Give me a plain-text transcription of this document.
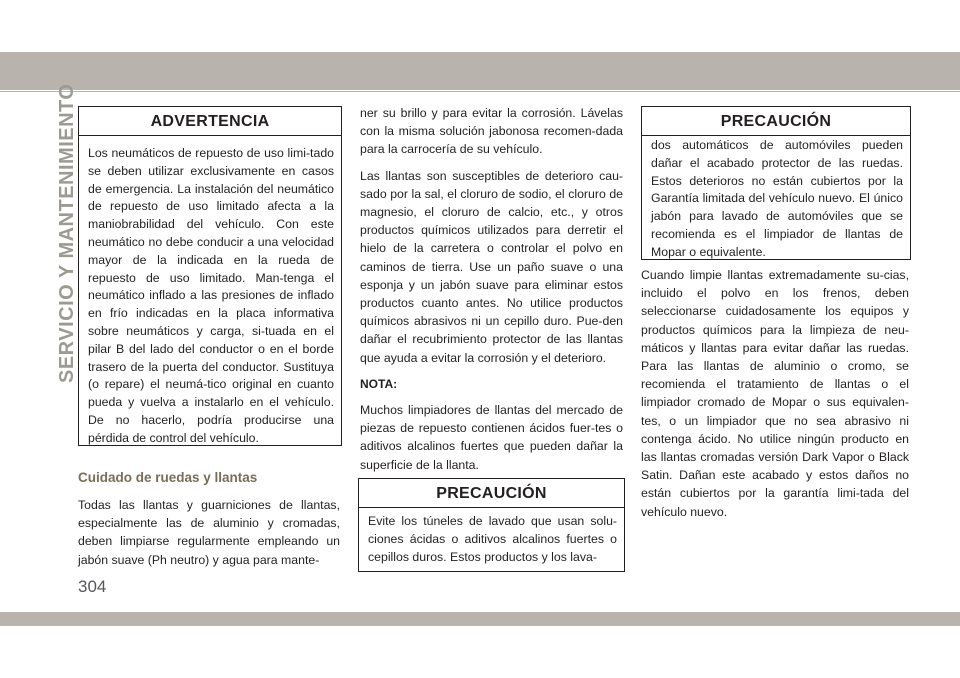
SERVICIO Y MANTENIMIENTO	ADVERTENCIA
Los neumáticos de repuesto de uso limi-tado se deben utilizar exclusivamente en casos de emergencia. La instalación del neumático de repuesto de uso limitado afecta a la maniobrabilidad del vehículo. Con este neumático no debe conducir a una velocidad mayor de la indicada en la rueda de repuesto de uso limitado. Man-tenga el neumático inflado a las presiones de inflado en frío indicadas en la placa informativa sobre neumáticos y carga, si-tuada en el pilar B del lado del conductor o en el borde trasero de la puerta del conductor. Sustituya (o repare) el neumá-tico original en cuanto pueda y vuelva a instalarlo en el vehículo. De no hacerlo, podría producirse una pérdida de control del vehículo.
Cuidado de ruedas y llantas

Todas las llantas y guarniciones de llantas, especialmente las de aluminio y cromadas, deben limpiarse regularmente empleando un jabón suave (Ph neutro) y agua para mante-

ner su brillo y para evitar la corrosión. Lávelas con la misma solución jabonosa recomen-dada para la carrocería de su vehículo.

Las llantas son susceptibles de deterioro cau-sado por la sal, el cloruro de sodio, el cloruro de magnesio, el cloruro de calcio, etc., y otros productos químicos utilizados para derretir el hielo de la carretera o controlar el polvo en caminos de tierra. Use un paño suave o una esponja y un jabón suave para eliminar estos productos cuanto antes. No utilice productos químicos abrasivos ni un cepillo duro. Pue-den dañar el recubrimiento protector de las llantas que ayuda a evitar la corrosión y el deterioro.

NOTA:

Muchos limpiadores de llantas del mercado de piezas de repuesto contienen ácidos fuer-tes o aditivos alcalinos fuertes que pueden dañar la superficie de la llanta.

PRECAUCIÓN
Evite los túneles de lavado que usan solu-ciones ácidas o aditivos alcalinos fuertes o cepillos duros. Estos productos y los lava-
PRECAUCIÓN
dos automáticos de automóviles pueden dañar el acabado protector de las ruedas. Estos deterioros no están cubiertos por la Garantía limitada del vehículo nuevo. El único jabón para lavado de automóviles que se recomienda es el limpiador de llantas de Mopar o equivalente.

Cuando limpie llantas extremadamente su-cias, incluido el polvo en los frenos, deben seleccionarse cuidadosamente los equipos y productos químicos para la limpieza de neu-máticos y llantas para evitar dañar las ruedas. Para las llantas de aluminio o cromo, se recomienda el tratamiento de llantas o el limpiador cromado de Mopar o sus equivalen-tes, o un limpiador que no sea abrasivo ni contenga ácido. No utilice ningún producto en las llantas cromadas versión Dark Vapor o Black Satin. Dañan este acabado y estos daños no están cubiertos por la garantía limi-tada del vehículo nuevo.

304
